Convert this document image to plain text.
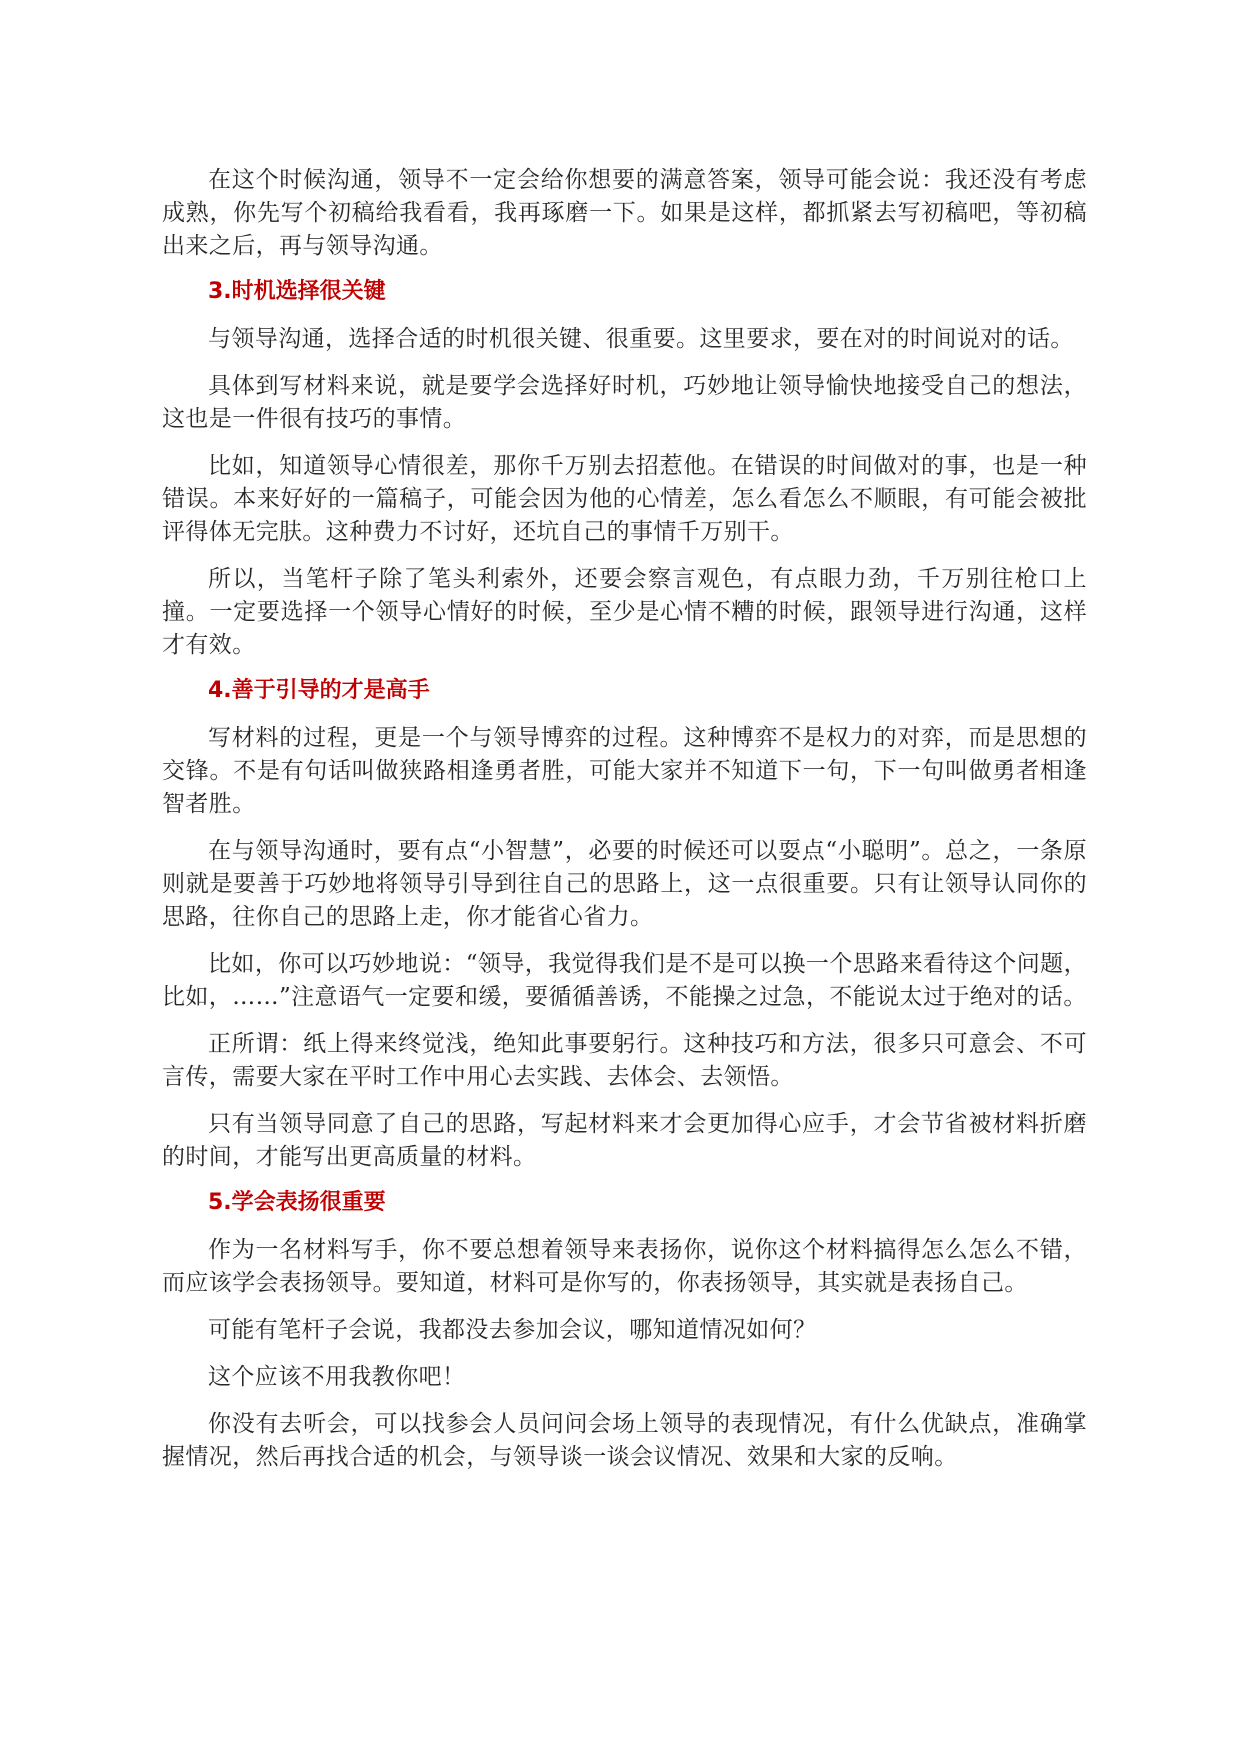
在这个时候沟通，领导不一定会给你想要的满意答案，领导可能会说：我还没有考虑成熟，你先写个初稿给我看看，我再琢磨一下。如果是这样，都抓紧去写初稿吧，等初稿出来之后，再与领导沟通。

3.时机选择很关键

与领导沟通，选择合适的时机很关键、很重要。这里要求，要在对的时间说对的话。

具体到写材料来说，就是要学会选择好时机，巧妙地让领导愉快地接受自己的想法，这也是一件很有技巧的事情。

比如，知道领导心情很差，那你千万别去招惹他。在错误的时间做对的事，也是一种错误。本来好好的一篇稿子，可能会因为他的心情差，怎么看怎么不顺眼，有可能会被批评得体无完肤。这种费力不讨好，还坑自己的事情千万别干。

所以，当笔杆子除了笔头利索外，还要会察言观色，有点眼力劲，千万别往枪口上撞。一定要选择一个领导心情好的时候，至少是心情不糟的时候，跟领导进行沟通，这样才有效。

4.善于引导的才是高手

写材料的过程，更是一个与领导博弈的过程。这种博弈不是权力的对弈，而是思想的交锋。不是有句话叫做狭路相逢勇者胜，可能大家并不知道下一句，下一句叫做勇者相逢智者胜。

在与领导沟通时，要有点“小智慧”，必要的时候还可以耍点“小聪明”。总之，一条原则就是要善于巧妙地将领导引导到往自己的思路上，这一点很重要。只有让领导认同你的思路，往你自己的思路上走，你才能省心省力。

比如，你可以巧妙地说：“领导，我觉得我们是不是可以换一个思路来看待这个问题，比如，……”注意语气一定要和缓，要循循善诱，不能操之过急，不能说太过于绝对的话。

正所谓：纸上得来终觉浅，绝知此事要躬行。这种技巧和方法，很多只可意会、不可言传，需要大家在平时工作中用心去实践、去体会、去领悟。

只有当领导同意了自己的思路，写起材料来才会更加得心应手，才会节省被材料折磨的时间，才能写出更高质量的材料。

5.学会表扬很重要

作为一名材料写手，你不要总想着领导来表扬你，说你这个材料搞得怎么怎么不错，而应该学会表扬领导。要知道，材料可是你写的，你表扬领导，其实就是表扬自己。

可能有笔杆子会说，我都没去参加会议，哪知道情况如何？

这个应该不用我教你吧！

你没有去听会，可以找参会人员问问会场上领导的表现情况，有什么优缺点，准确掌握情况，然后再找合适的机会，与领导谈一谈会议情况、效果和大家的反响。
